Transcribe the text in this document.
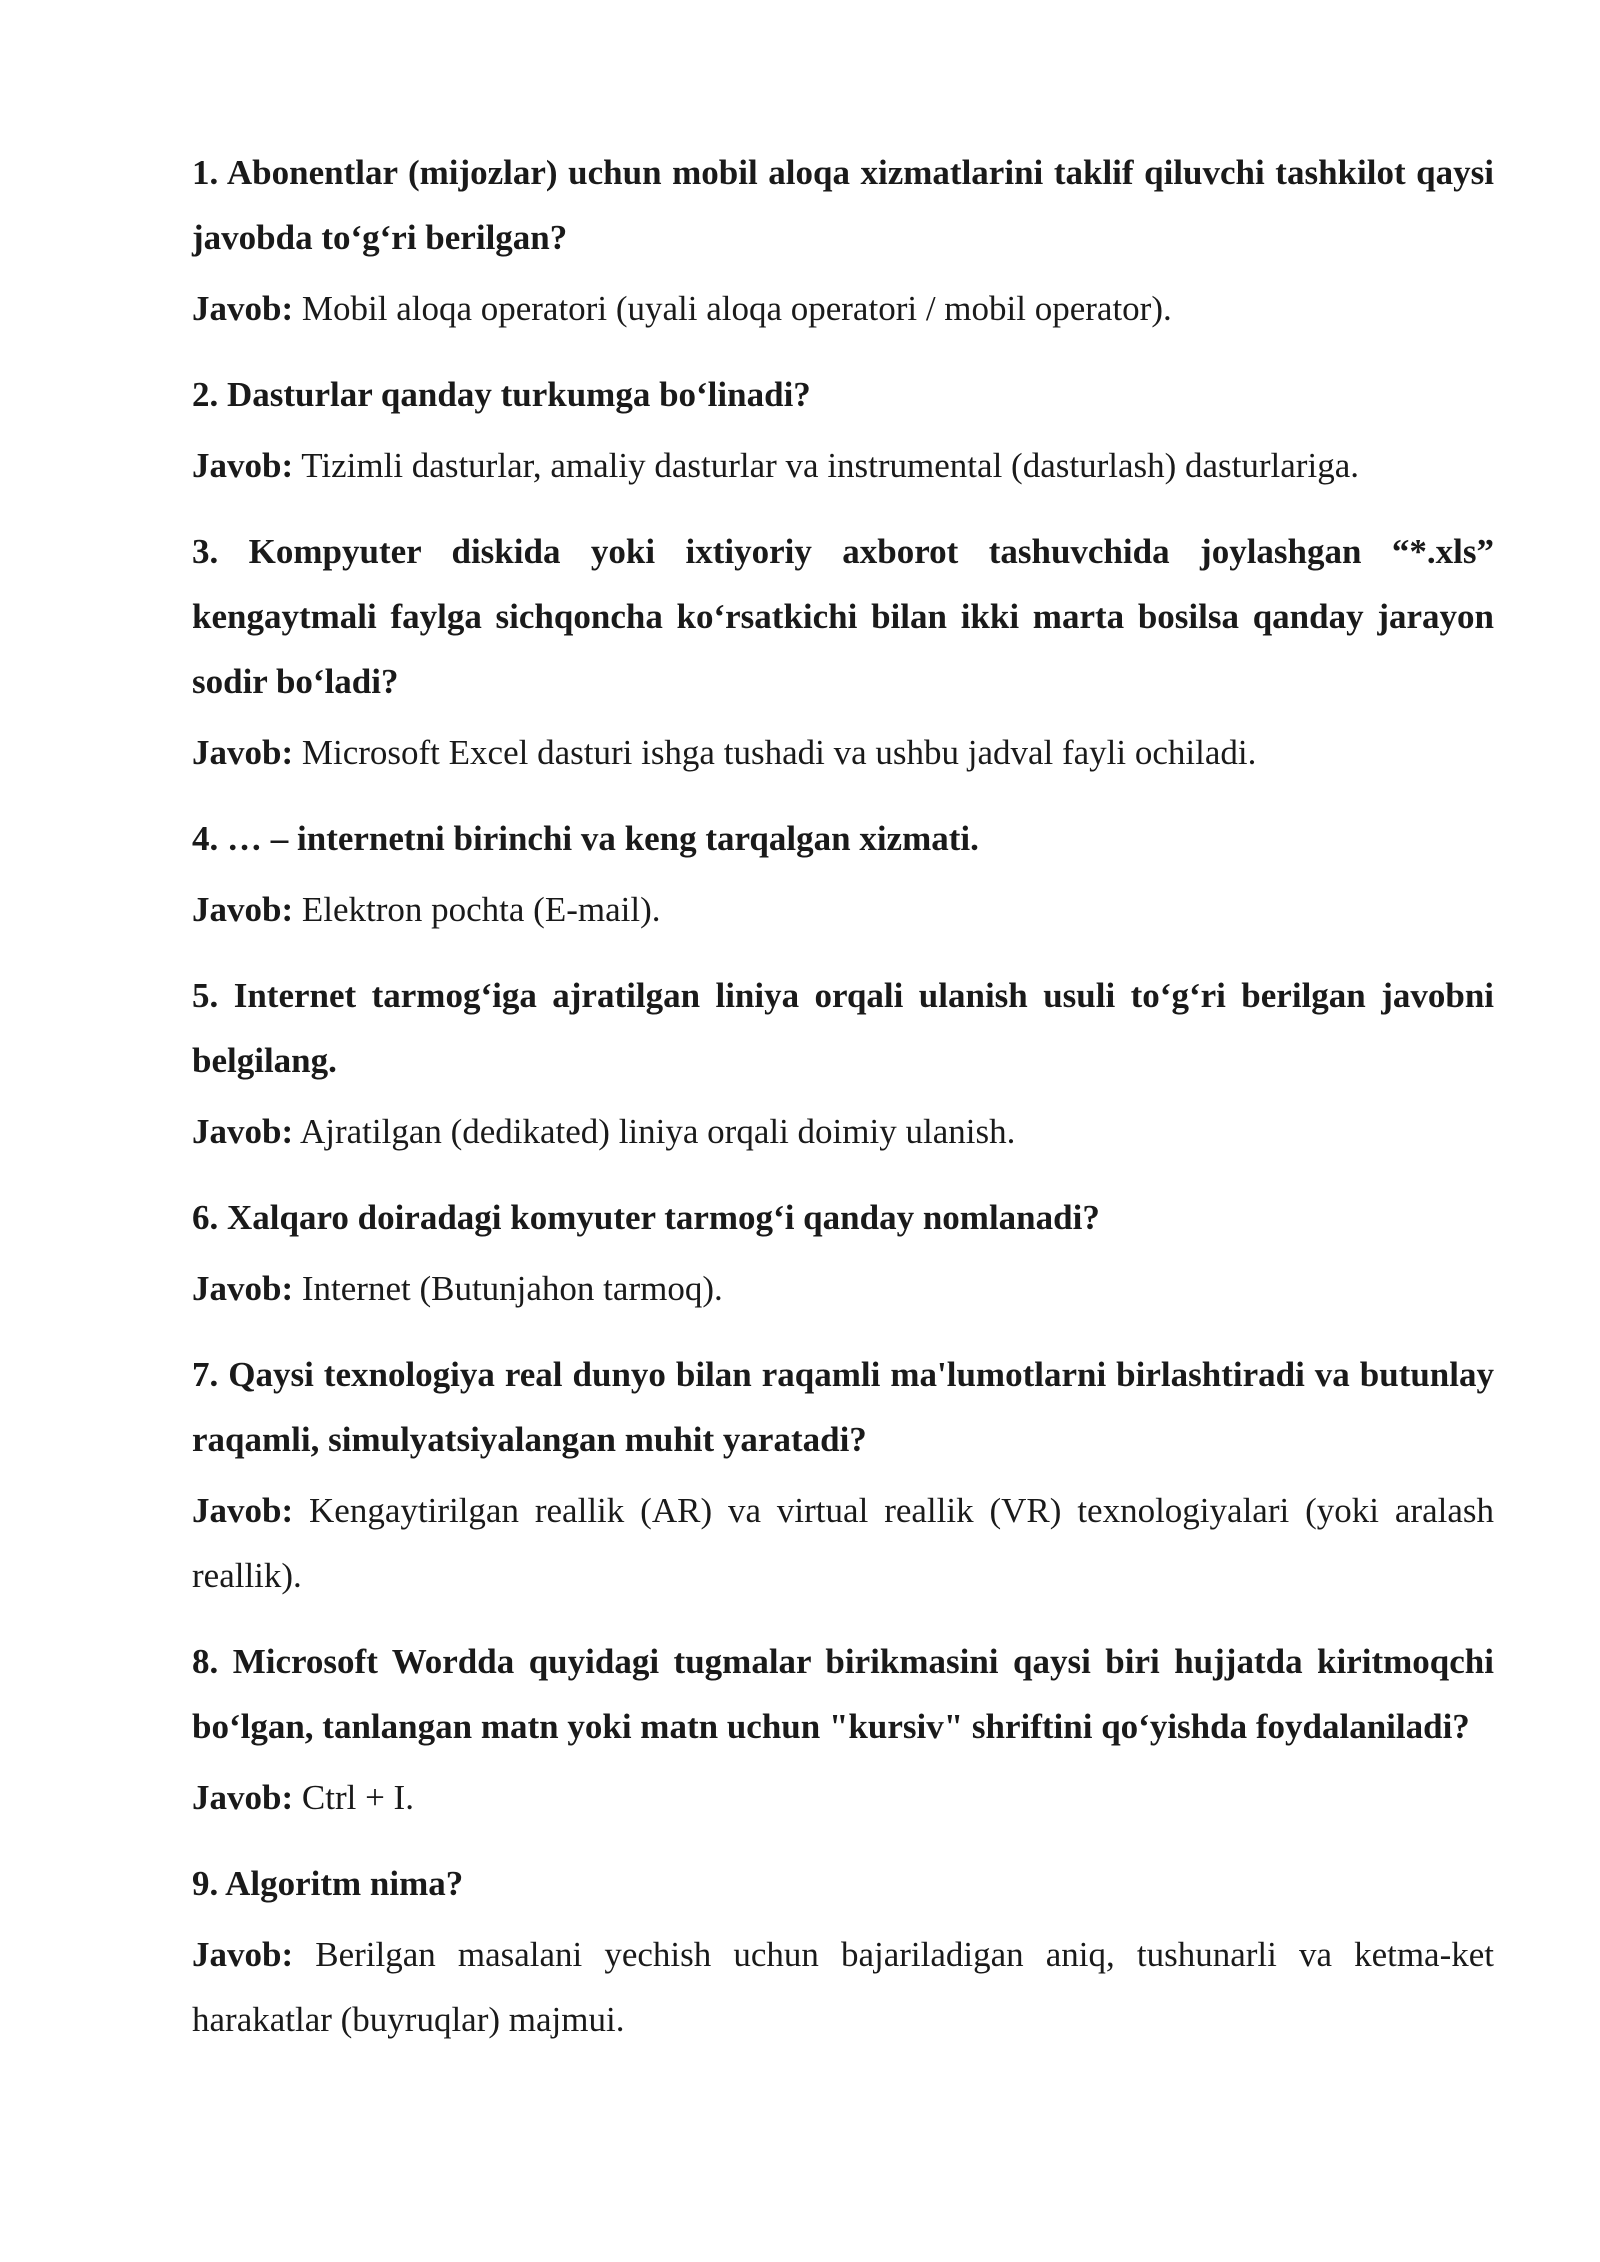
1. Abonentlar (mijozlar) uchun mobil aloqa xizmatlarini taklif qiluvchi tashkilot qaysi javobda to‘g‘ri berilgan?

Javob: Mobil aloqa operatori (uyali aloqa operatori / mobil operator).

2. Dasturlar qanday turkumga bo‘linadi?

Javob: Tizimli dasturlar, amaliy dasturlar va instrumental (dasturlash) dasturlariga.

3. Kompyuter diskida yoki ixtiyoriy axborot tashuvchida joylashgan “*.xls” kengaytmali faylga sichqoncha ko‘rsatkichi bilan ikki marta bosilsa qanday jarayon sodir bo‘ladi?

Javob: Microsoft Excel dasturi ishga tushadi va ushbu jadval fayli ochiladi.

4. … – internetni birinchi va keng tarqalgan xizmati.

Javob: Elektron pochta (E-mail).

5. Internet tarmog‘iga ajratilgan liniya orqali ulanish usuli to‘g‘ri berilgan javobni belgilang.

Javob: Ajratilgan (dedikated) liniya orqali doimiy ulanish.

6. Xalqaro doiradagi komyuter tarmog‘i qanday nomlanadi?

Javob: Internet (Butunjahon tarmoq).

7. Qaysi texnologiya real dunyo bilan raqamli ma'lumotlarni birlashtiradi va butunlay raqamli, simulyatsiyalangan muhit yaratadi?

Javob: Kengaytirilgan reallik (AR) va virtual reallik (VR) texnologiyalari (yoki aralash reallik).

8. Microsoft Wordda quyidagi tugmalar birikmasini qaysi biri hujjatda kiritmoqchi bo‘lgan, tanlangan matn yoki matn uchun "kursiv" shriftini qo‘yishda foydalaniladi?

Javob: Ctrl + I.

9. Algoritm nima?

Javob: Berilgan masalani yechish uchun bajariladigan aniq, tushunarli va ketma-ket harakatlar (buyruqlar) majmui.
